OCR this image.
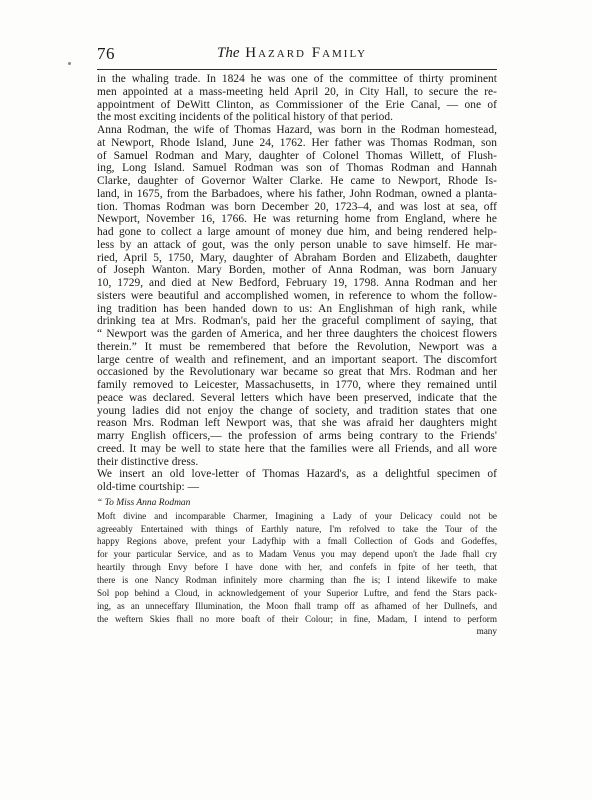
76	The Hazard Family
in the whaling trade. In 1824 he was one of the committee of thirty prominent
men appointed at a mass-meeting held April 20, in City Hall, to secure the re-
appointment of DeWitt Clinton, as Commissioner of the Erie Canal, — one of
the most exciting incidents of the political history of that period.
Anna Rodman, the wife of Thomas Hazard, was born in the Rodman homestead,
at Newport, Rhode Island, June 24, 1762. Her father was Thomas Rodman, son
of Samuel Rodman and Mary, daughter of Colonel Thomas Willett, of Flush-
ing, Long Island. Samuel Rodman was son of Thomas Rodman and Hannah
Clarke, daughter of Governor Walter Clarke. He came to Newport, Rhode Is-
land, in 1675, from the Barbadoes, where his father, John Rodman, owned a planta-
tion. Thomas Rodman was born December 20, 1723–4, and was lost at sea, off
Newport, November 16, 1766. He was returning home from England, where he
had gone to collect a large amount of money due him, and being rendered help-
less by an attack of gout, was the only person unable to save himself. He mar-
ried, April 5, 1750, Mary, daughter of Abraham Borden and Elizabeth, daughter
of Joseph Wanton. Mary Borden, mother of Anna Rodman, was born January
10, 1729, and died at New Bedford, February 19, 1798. Anna Rodman and her
sisters were beautiful and accomplished women, in reference to whom the follow-
ing tradition has been handed down to us: An Englishman of high rank, while
drinking tea at Mrs. Rodman's, paid her the graceful compliment of saying, that
“ Newport was the garden of America, and her three daughters the choicest flowers
therein.” It must be remembered that before the Revolution, Newport was a
large centre of wealth and refinement, and an important seaport. The discomfort
occasioned by the Revolutionary war became so great that Mrs. Rodman and her
family removed to Leicester, Massachusetts, in 1770, where they remained until
peace was declared. Several letters which have been preserved, indicate that the
young ladies did not enjoy the change of society, and tradition states that one
reason Mrs. Rodman left Newport was, that she was afraid her daughters might
marry English officers,— the profession of arms being contrary to the Friends'
creed. It may be well to state here that the families were all Friends, and all wore
their distinctive dress.
We insert an old love-letter of Thomas Hazard's, as a delightful specimen of
old-time courtship: —
“ To Miss Anna Rodman
Moft divine and incomparable Charmer, Imagining a Lady of your Delicacy could not be
agreeably Entertained with things of Earthly nature, I'm refolved to take the Tour of the
happy Regions above, prefent your Ladyfhip with a fmall Collection of Gods and Godeffes,
for your particular Service, and as to Madam Venus you may depend upon't the Jade fhall cry
heartily through Envy before I have done with her, and confefs in fpite of her teeth, that
there is one Nancy Rodman infinitely more charming than fhe is; I intend likewife to make
Sol pop behind a Cloud, in acknowledgement of your Superior Luftre, and fend the Stars pack-
ing, as an unneceffary Illumination, the Moon fhall tramp off as afhamed of her Dullnefs, and
the weftern Skies fhall no more boaft of their Colour; in fine, Madam, I intend to perform
many
